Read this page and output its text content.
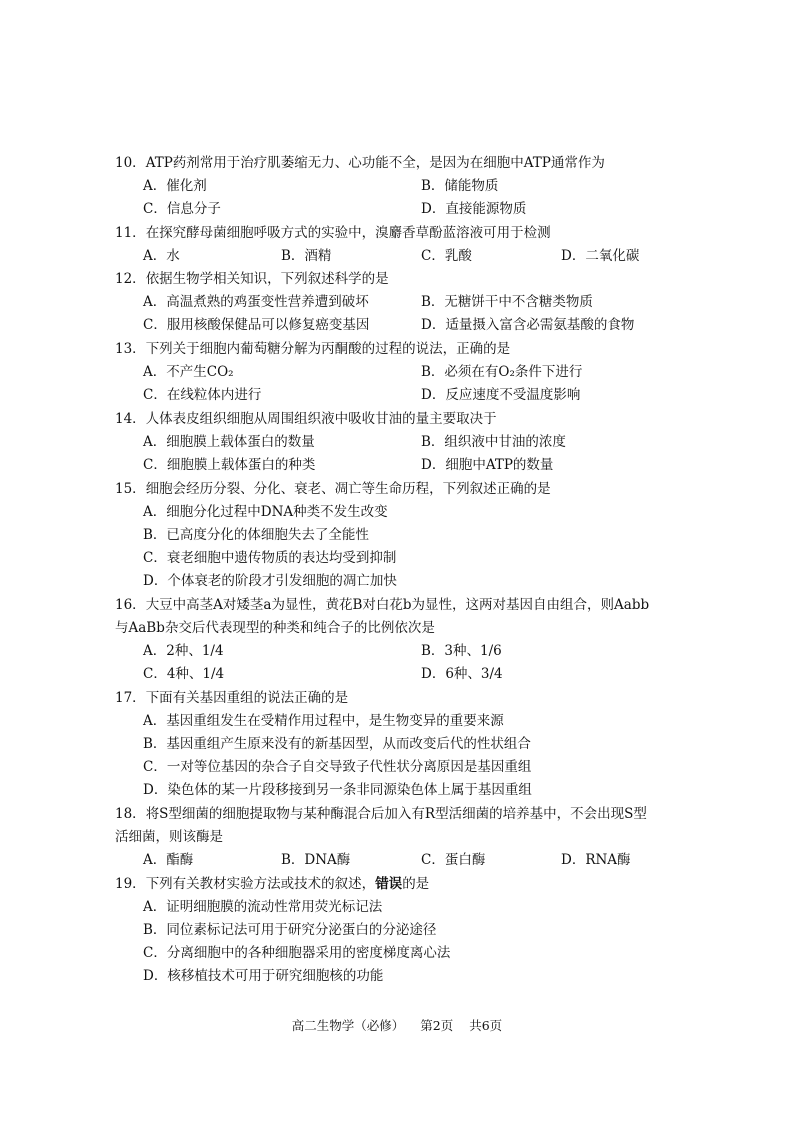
10．ATP药剂常用于治疗肌萎缩无力、心功能不全，是因为在细胞中ATP通常作为
A．催化剂	B．储能物质
C．信息分子	D．直接能源物质
11．在探究酵母菌细胞呼吸方式的实验中，溴麝香草酚蓝溶液可用于检测
A．水	B．酒精	C．乳酸	D．二氧化碳
12．依据生物学相关知识，下列叙述科学的是
A．高温煮熟的鸡蛋变性营养遭到破坏	B．无糖饼干中不含糖类物质
C．服用核酸保健品可以修复癌变基因	D．适量摄入富含必需氨基酸的食物
13．下列关于细胞内葡萄糖分解为丙酮酸的过程的说法，正确的是
A．不产生CO₂	B．必须在有O₂条件下进行
C．在线粒体内进行	D．反应速度不受温度影响
14．人体表皮组织细胞从周围组织液中吸收甘油的量主要取决于
A．细胞膜上载体蛋白的数量	B．组织液中甘油的浓度
C．细胞膜上载体蛋白的种类	D．细胞中ATP的数量
15．细胞会经历分裂、分化、衰老、凋亡等生命历程，下列叙述正确的是
A．细胞分化过程中DNA种类不发生改变
B．已高度分化的体细胞失去了全能性
C．衰老细胞中遗传物质的表达均受到抑制
D．个体衰老的阶段才引发细胞的凋亡加快
16．大豆中高茎A对矮茎a为显性，黄花B对白花b为显性，这两对基因自由组合，则Aabb
与AaBb杂交后代表现型的种类和纯合子的比例依次是
A．2种、1/4	B．3种、1/6
C．4种、1/4	D．6种、3/4
17．下面有关基因重组的说法正确的是
A．基因重组发生在受精作用过程中，是生物变异的重要来源
B．基因重组产生原来没有的新基因型，从而改变后代的性状组合
C．一对等位基因的杂合子自交导致子代性状分离原因是基因重组
D．染色体的某一片段移接到另一条非同源染色体上属于基因重组
18．将S型细菌的细胞提取物与某种酶混合后加入有R型活细菌的培养基中，不会出现S型
活细菌，则该酶是
A．酯酶	B．DNA酶	C．蛋白酶	D．RNA酶
19．下列有关教材实验方法或技术的叙述，错误的是
A．证明细胞膜的流动性常用荧光标记法
B．同位素标记法可用于研究分泌蛋白的分泌途径
C．分离细胞中的各种细胞器采用的密度梯度离心法
D．核移植技术可用于研究细胞核的功能
高二生物学（必修） 第2页 共6页
